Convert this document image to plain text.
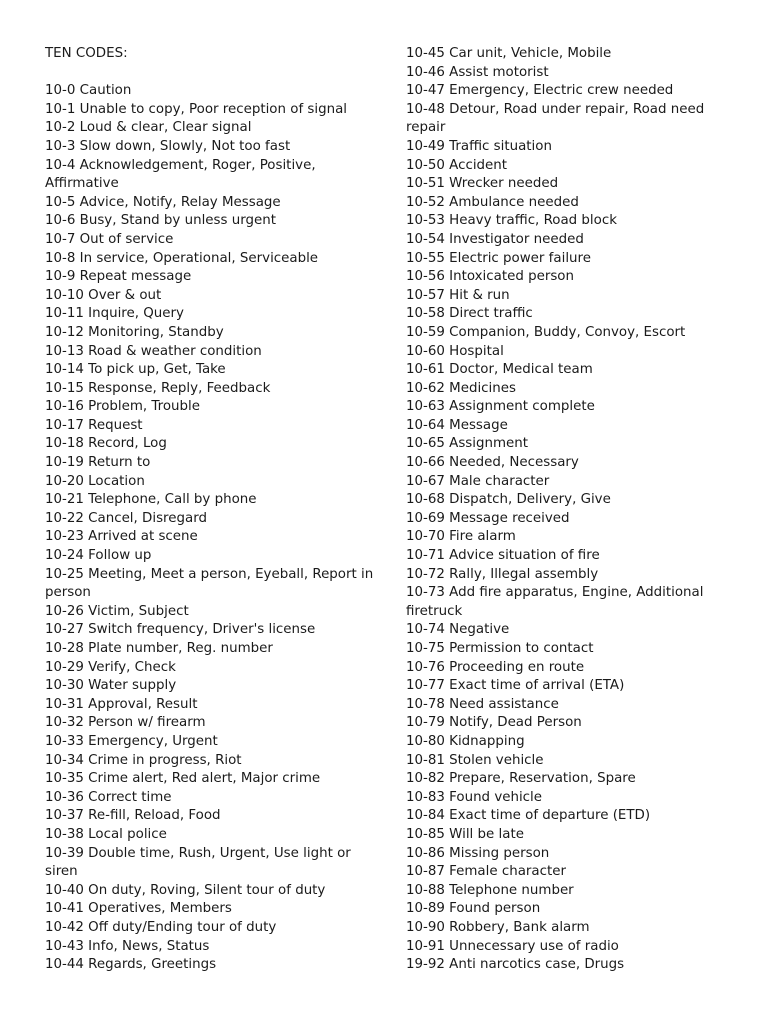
TEN CODES:
10-0 Caution
10-1 Unable to copy, Poor reception of signal
10-2 Loud & clear, Clear signal
10-3 Slow down, Slowly, Not too fast
10-4 Acknowledgement, Roger, Positive, Affirmative
10-5 Advice, Notify, Relay Message
10-6 Busy, Stand by unless urgent
10-7 Out of service
10-8 In service, Operational, Serviceable
10-9 Repeat message
10-10 Over & out
10-11 Inquire, Query
10-12 Monitoring, Standby
10-13 Road & weather condition
10-14 To pick up, Get, Take
10-15 Response, Reply, Feedback
10-16 Problem, Trouble
10-17 Request
10-18 Record, Log
10-19 Return to
10-20 Location
10-21 Telephone, Call by phone
10-22 Cancel, Disregard
10-23 Arrived at scene
10-24 Follow up
10-25 Meeting, Meet a person, Eyeball, Report in person
10-26 Victim, Subject
10-27 Switch frequency, Driver's license
10-28 Plate number, Reg. number
10-29 Verify, Check
10-30 Water supply
10-31 Approval, Result
10-32 Person w/ firearm
10-33 Emergency, Urgent
10-34 Crime in progress, Riot
10-35 Crime alert, Red alert, Major crime
10-36 Correct time
10-37 Re-fill, Reload, Food
10-38 Local police
10-39 Double time, Rush, Urgent, Use light or siren
10-40 On duty, Roving, Silent tour of duty
10-41 Operatives, Members
10-42 Off duty/Ending tour of duty
10-43 Info, News, Status
10-44 Regards, Greetings
10-45 Car unit, Vehicle, Mobile
10-46 Assist motorist
10-47 Emergency, Electric crew needed
10-48 Detour, Road under repair, Road need repair
10-49 Traffic situation
10-50 Accident
10-51 Wrecker needed
10-52 Ambulance needed
10-53 Heavy traffic, Road block
10-54 Investigator needed
10-55 Electric power failure
10-56 Intoxicated person
10-57 Hit & run
10-58 Direct traffic
10-59 Companion, Buddy, Convoy, Escort
10-60 Hospital
10-61 Doctor, Medical team
10-62 Medicines
10-63 Assignment complete
10-64 Message
10-65 Assignment
10-66 Needed, Necessary
10-67 Male character
10-68 Dispatch, Delivery, Give
10-69 Message received
10-70 Fire alarm
10-71 Advice situation of fire
10-72 Rally, Illegal assembly
10-73 Add fire apparatus, Engine, Additional firetruck
10-74 Negative
10-75 Permission to contact
10-76 Proceeding en route
10-77 Exact time of arrival (ETA)
10-78 Need assistance
10-79 Notify, Dead Person
10-80 Kidnapping
10-81 Stolen vehicle
10-82 Prepare, Reservation, Spare
10-83 Found vehicle
10-84 Exact time of departure (ETD)
10-85 Will be late
10-86 Missing person
10-87 Female character
10-88 Telephone number
10-89 Found person
10-90 Robbery, Bank alarm
10-91 Unnecessary use of radio
19-92 Anti narcotics case, Drugs
